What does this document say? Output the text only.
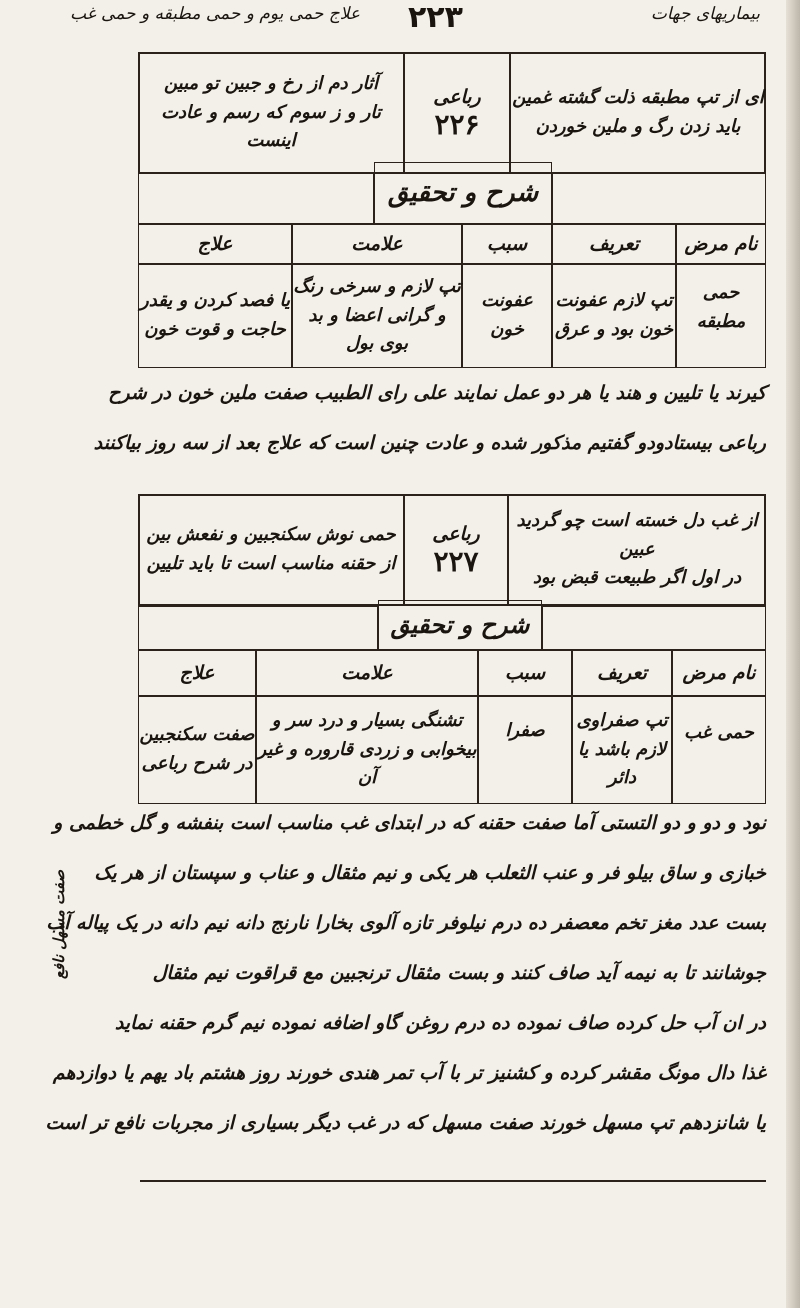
علاج حمی یوم و حمی مطبقه و حمی غب ۲۲۳	بیماریهای جهات
ای از تپ مطبقه ذلت گشته غمین
باید زدن رگ و ملین خوردن
رباعی
۲۲۶
آثار دم از رخ و جبین تو مبین
تار و ز سوم که رسم و عادت اینست
شرح و تحقیق
نام مرض
تعریف
سبب
علامت
علاج
حمی مطبقه
تپ لازم عفونت خون بود و عرق
عفونت خون
تپ لازم و سرخی رنگ و گرانی اعضا و بد بوی بول
یا فصد کردن و یقدر حاجت و قوت خون
کیرند یا تلیین و هند یا هر دو عمل نمایند علی رای الطبیب صفت ملین خون در شرح
رباعی بیستادودو گفتیم مذکور شده و عادت چنین است که علاج بعد از سه روز بیاکنند
از غب دل خسته است چو گردید عبین
در اول اگر طبیعت قبض بود
رباعی
۲۲۷
حمی نوش سکنجبین و نفعش بین
از حقنه مناسب است تا باید تلیین
شرح و تحقیق
نام مرض
تعریف
سبب
علامت
علاج
حمی غب
تپ صفراوی لازم باشد یا دائر
صفرا
تشنگی بسیار و درد سر و بیخوابی و زردی قاروره و غیر آن
صفت سکنجبین در شرح رباعی
نود و دو و دو التستی آما صفت حقنه که در ابتدای غب مناسب است بنفشه و گل خطمی و
خبازی و ساق بیلو فر و عنب الثعلب هر یکی و نیم مثقال و عناب و سپستان از هر یک
بست عدد مغز تخم معصفر ده درم نیلوفر تازه آلوی بخارا نارنج دانه نیم دانه در یک پیاله آب
جوشانند تا به نیمه آید صاف کنند و بست مثقال ترنجبین مع قراقوت نیم مثقال
در ان آب حل کرده صاف نموده ده درم روغن گاو اضافه نموده نیم گرم حقنه نماید
غذا دال مونگ مقشر کرده و کشنیز تر با آب تمر هندی خورند روز هشتم باد یهم یا دوازدهم
یا شانزدهم تپ مسهل خورند صفت مسهل که در غب دیگر بسیاری از مجربات نافع تر است
صفت مسهل نافع
